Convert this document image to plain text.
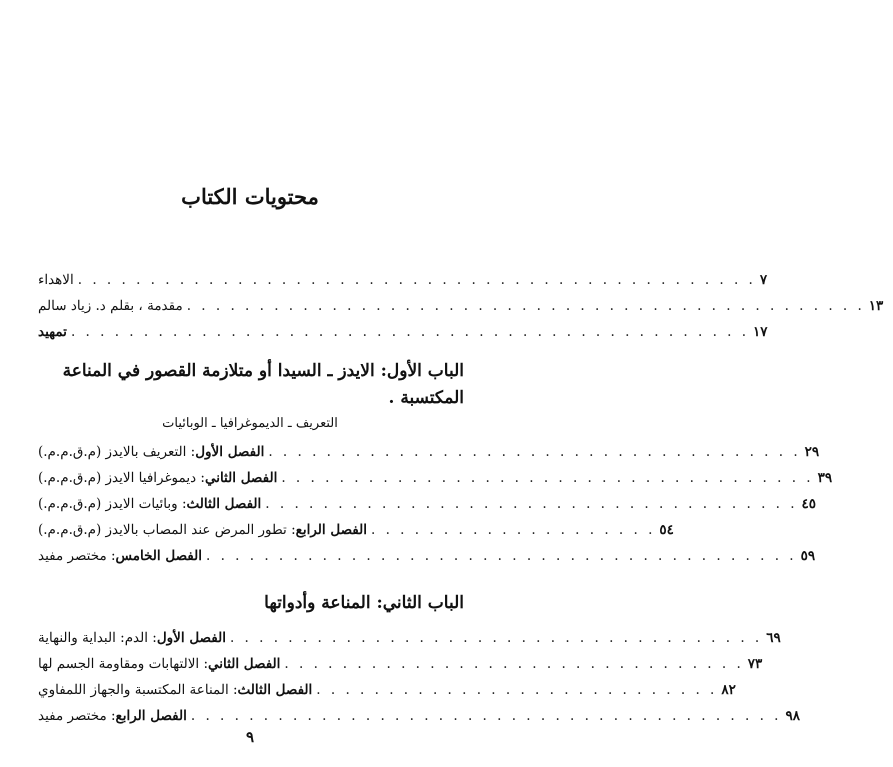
محتويات الكتاب
الاهداء . . . . . . . . . . . . . . . . . . . . . . . . . . . . . . . . . . . . . . . . . . . . . . . ٧
مقدمة ، بقلم د. زياد سالم . . . . . . . . . . . . . . . . . . . . . . . . . . . . . . . . . . . . . . . . . . . . . . . ١٣
تمهيد . . . . . . . . . . . . . . . . . . . . . . . . . . . . . . . . . . . . . . . . . . . . . . . ١٧
الباب الأول: الايدز ـ السيدا أو متلازمة القصور في المناعة المكتسبة .
التعريف ـ الديموغرافيا ـ الوبائيات
الفصل الأول: التعريف بالايدز (م.ق.م.م.)	. . . . . . . . . . . . . . . . . . . . . . . . . . . . . . . . . . . . . ٢٩
الفصل الثاني: ديموغرافيا الايدز (م.ق.م.م.)	. . . . . . . . . . . . . . . . . . . . . . . . . . . . . . . . . . . . . ٣٩
الفصل الثالث: وبائيات الايدز (م.ق.م.م.)	. . . . . . . . . . . . . . . . . . . . . . . . . . . . . . . . . . . . . ٤٥
الفصل الرابع: تطور المرض عند المصاب بالايدز (م.ق.م.م.)	. . . . . . . . . . . . . . . . . . . . ٥٤
الفصل الخامس: مختصر مفيد	. . . . . . . . . . . . . . . . . . . . . . . . . . . . . . . . . . . . . . . . . ٥٩
الباب الثاني: المناعة وأدواتها
الفصل الأول: الدم: البداية والنهاية	. . . . . . . . . . . . . . . . . . . . . . . . . . . . . . . . . . . . . ٦٩
الفصل الثاني: الالتهابات ومقاومة الجسم لها	. . . . . . . . . . . . . . . . . . . . . . . . . . . . . . . . ٧٣
الفصل الثالث: المناعة المكتسبة والجهاز اللمفاوي	. . . . . . . . . . . . . . . . . . . . . . . . . . . . ٨٢
الفصل الرابع: مختصر مفيد	. . . . . . . . . . . . . . . . . . . . . . . . . . . . . . . . . . . . . . . . . ٩٨
٩
